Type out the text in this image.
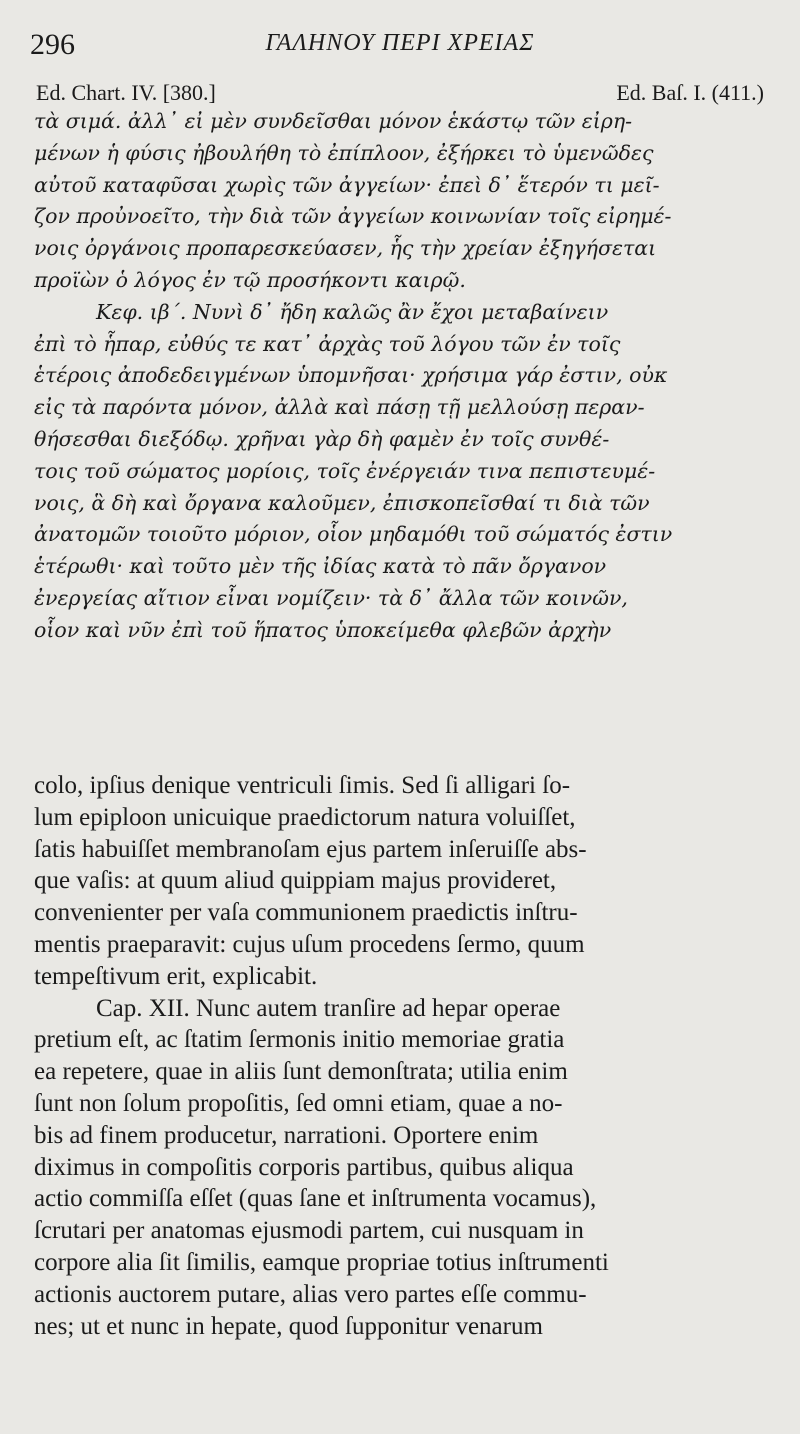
296	ΓΑΛΗΝΟΥ ΠΕΡΙ ΧΡΕΙΑΣ
Ed. Chart. IV. [380.]	Ed. Baſ. I. (411.)
τὰ σιμά. ἀλλ᾽ εἰ μὲν συνδεῖσθαι μόνον ἑκάστῳ τῶν εἰρη-
μένων ἡ φύσις ἠβουλήθη τὸ ἐπίπλοον, ἐξήρκει τὸ ὑμενῶδες
αὐτοῦ καταφῦσαι χωρὶς τῶν ἀγγείων· ἐπεὶ δ᾽ ἕτερόν τι μεῖ-
ζον προὐνοεῖτο, τὴν διὰ τῶν ἀγγείων κοινωνίαν τοῖς εἰρημέ-
νοις ὀργάνοις προπαρεσκεύασεν, ἧς τὴν χρείαν ἐξηγήσεται
προϊὼν ὁ λόγος ἐν τῷ προσήκοντι καιρῷ.
Κεφ. ιβ΄. Νυνὶ δ᾽ ἤδη καλῶς ἂν ἔχοι μεταβαίνειν
ἐπὶ τὸ ἧπαρ, εὐθύς τε κατ᾽ ἀρχὰς τοῦ λόγου τῶν ἐν τοῖς
ἑτέροις ἀποδεδειγμένων ὑπομνῆσαι· χρήσιμα γάρ ἐστιν, οὐκ
εἰς τὰ παρόντα μόνον, ἀλλὰ καὶ πάσῃ τῇ μελλούσῃ περαν-
θήσεσθαι διεξόδῳ. χρῆναι γὰρ δὴ φαμὲν ἐν τοῖς συνθέ-
τοις τοῦ σώματος μορίοις, τοῖς ἐνέργειάν τινα πεπιστευμέ-
νοις, ἃ δὴ καὶ ὄργανα καλοῦμεν, ἐπισκοπεῖσθαί τι διὰ τῶν
ἀνατομῶν τοιοῦτο μόριον, οἷον μηδαμόθι τοῦ σώματός ἐστιν
ἑτέρωθι· καὶ τοῦτο μὲν τῆς ἰδίας κατὰ τὸ πᾶν ὄργανον
ἐνεργείας αἴτιον εἶναι νομίζειν· τὰ δ᾽ ἄλλα τῶν κοινῶν,
οἷον καὶ νῦν ἐπὶ τοῦ ἥπατος ὑποκείμεθα φλεβῶν ἀρχὴν
colo, ipſius denique ventriculi ſimis. Sed ſi alligari ſo-
lum epiploon unicuique praedictorum natura voluiſſet,
ſatis habuiſſet membranoſam ejus partem inſeruiſſe abs-
que vaſis: at quum aliud quippiam majus provideret,
convenienter per vaſa communionem praedictis inſtru-
mentis praeparavit: cujus uſum procedens ſermo, quum
tempeſtivum erit, explicabit.
Cap. XII. Nunc autem tranſire ad hepar operae
pretium eſt, ac ſtatim ſermonis initio memoriae gratia
ea repetere, quae in aliis ſunt demonſtrata; utilia enim
ſunt non ſolum propoſitis, ſed omni etiam, quae a no-
bis ad finem producetur, narrationi. Oportere enim
diximus in compoſitis corporis partibus, quibus aliqua
actio commiſſa eſſet (quas ſane et inſtrumenta vocamus),
ſcrutari per anatomas ejusmodi partem, cui nusquam in
corpore alia ſit ſimilis, eamque propriae totius inſtrumenti
actionis auctorem putare, alias vero partes eſſe commu-
nes; ut et nunc in hepate, quod ſupponitur venarum
